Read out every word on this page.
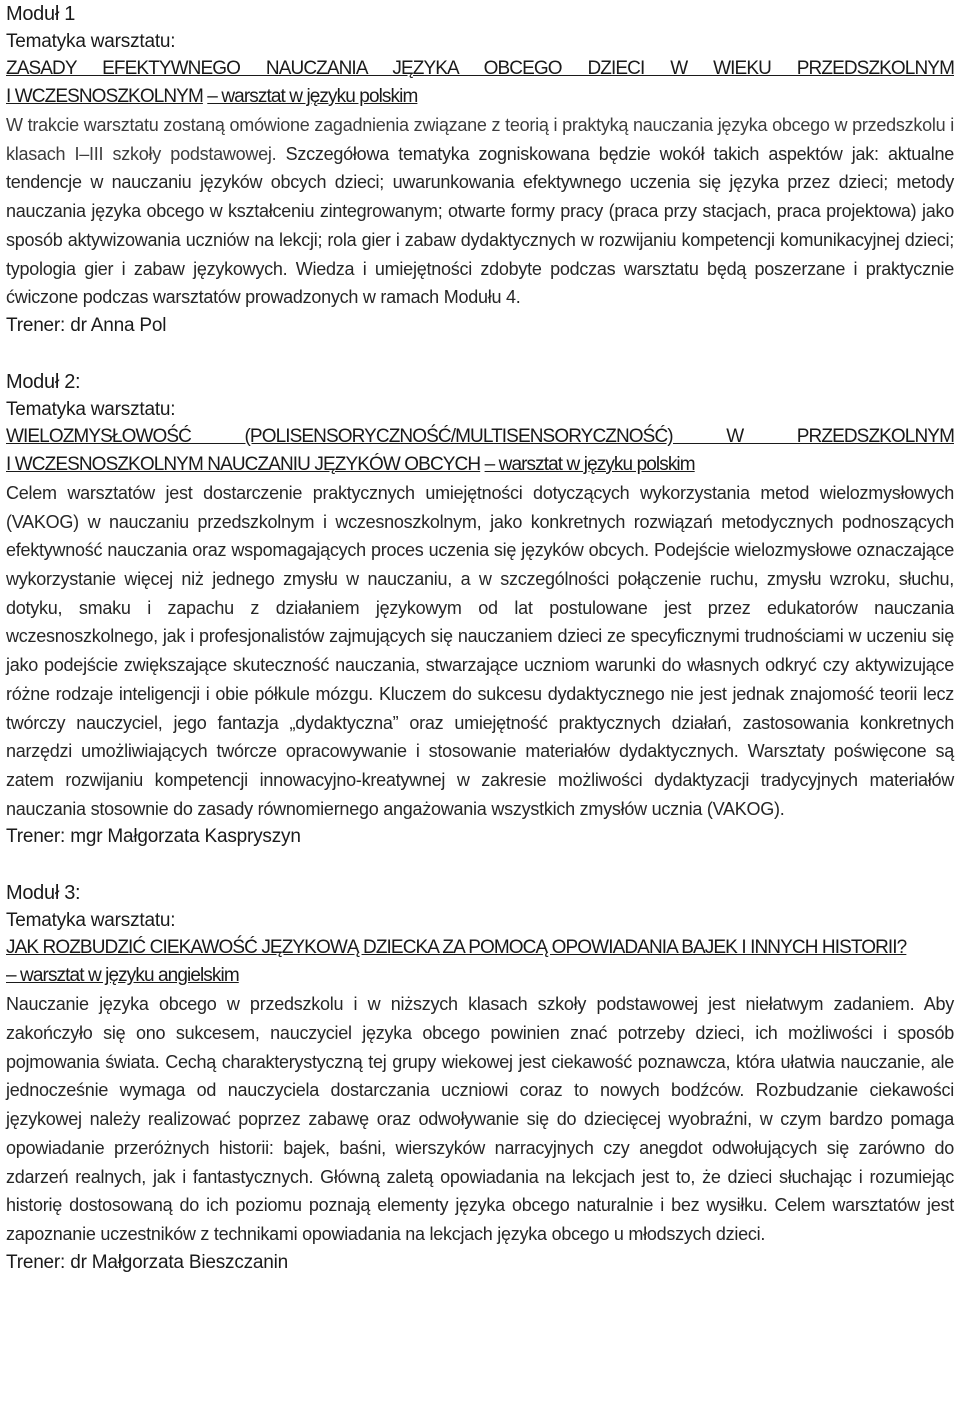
Moduł 1

Tematyka warsztatu:

ZASADY EFEKTYWNEGO NAUCZANIA JĘZYKA OBCEGO DZIECI W WIEKU PRZEDSZKOLNYM

I WCZESNOSZKOLNYM – warsztat w języku polskim

W trakcie warsztatu zostaną omówione zagadnienia związane z teorią i praktyką nauczania języka obcego w przedszkolu i klasach I–III szkoły podstawowej. Szczegółowa tematyka zogniskowana będzie wokół takich aspektów jak: aktualne tendencje w nauczaniu języków obcych dzieci; uwarunkowania efektywnego uczenia się języka przez dzieci; metody nauczania języka obcego w kształceniu zintegrowanym; otwarte formy pracy (praca przy stacjach, praca projektowa) jako sposób aktywizowania uczniów na lekcji; rola gier i zabaw dydaktycznych w rozwijaniu kompetencji komunikacyjnej dzieci; typologia gier i zabaw językowych. Wiedza i umiejętności zdobyte podczas warsztatu będą poszerzane i praktycznie ćwiczone podczas warsztatów prowadzonych w ramach Modułu 4.

Trener: dr Anna Pol

Moduł 2:

Tematyka warsztatu:

WIELOZMYSŁOWOŚĆ (POLISENSORYCZNOŚĆ/MULTISENSORYCZNOŚĆ) W PRZEDSZKOLNYM

I WCZESNOSZKOLNYM NAUCZANIU JĘZYKÓW OBCYCH – warsztat w języku polskim

Celem warsztatów jest dostarczenie praktycznych umiejętności dotyczących wykorzystania metod wielozmysłowych (VAKOG) w nauczaniu przedszkolnym i wczesnoszkolnym, jako konkretnych rozwiązań metodycznych podnoszących efektywność nauczania oraz wspomagających proces uczenia się języków obcych. Podejście wielozmysłowe oznaczające wykorzystanie więcej niż jednego zmysłu w nauczaniu, a w szczególności połączenie ruchu, zmysłu wzroku, słuchu, dotyku, smaku i zapachu z działaniem językowym od lat postulowane jest przez edukatorów nauczania wczesnoszkolnego, jak i profesjonalistów zajmujących się nauczaniem dzieci ze specyficznymi trudnościami w uczeniu się jako podejście zwiększające skuteczność nauczania, stwarzające uczniom warunki do własnych odkryć czy aktywizujące różne rodzaje inteligencji i obie półkule mózgu. Kluczem do sukcesu dydaktycznego nie jest jednak znajomość teorii lecz twórczy nauczyciel, jego fantazja „dydaktyczna” oraz umiejętność praktycznych działań, zastosowania konkretnych narzędzi umożliwiających twórcze opracowywanie i stosowanie materiałów dydaktycznych. Warsztaty poświęcone są zatem rozwijaniu kompetencji innowacyjno-kreatywnej w zakresie możliwości dydaktyzacji tradycyjnych materiałów nauczania stosownie do zasady równomiernego angażowania wszystkich zmysłów ucznia (VAKOG).

Trener: mgr Małgorzata Kaspryszyn

Moduł 3:

Tematyka warsztatu:

JAK ROZBUDZIĆ CIEKAWOŚĆ JĘZYKOWĄ DZIECKA ZA POMOCĄ OPOWIADANIA BAJEK I INNYCH HISTORII?

– warsztat w języku angielskim

Nauczanie języka obcego w przedszkolu i w niższych klasach szkoły podstawowej jest niełatwym zadaniem. Aby zakończyło się ono sukcesem, nauczyciel języka obcego powinien znać potrzeby dzieci, ich możliwości i sposób pojmowania świata. Cechą charakterystyczną tej grupy wiekowej jest ciekawość poznawcza, która ułatwia nauczanie, ale jednocześnie wymaga od nauczyciela dostarczania uczniowi coraz to nowych bodźców. Rozbudzanie ciekawości językowej należy realizować poprzez zabawę oraz odwoływanie się do dziecięcej wyobraźni, w czym bardzo pomaga opowiadanie przeróżnych historii: bajek, baśni, wierszyków narracyjnych czy anegdot odwołujących się zarówno do zdarzeń realnych, jak i fantastycznych. Główną zaletą opowiadania na lekcjach jest to, że dzieci słuchając i rozumiejąc historię dostosowaną do ich poziomu poznają elementy języka obcego naturalnie i bez wysiłku. Celem warsztatów jest zapoznanie uczestników z technikami opowiadania na lekcjach języka obcego u młodszych dzieci.

Trener: dr Małgorzata Bieszczanin
